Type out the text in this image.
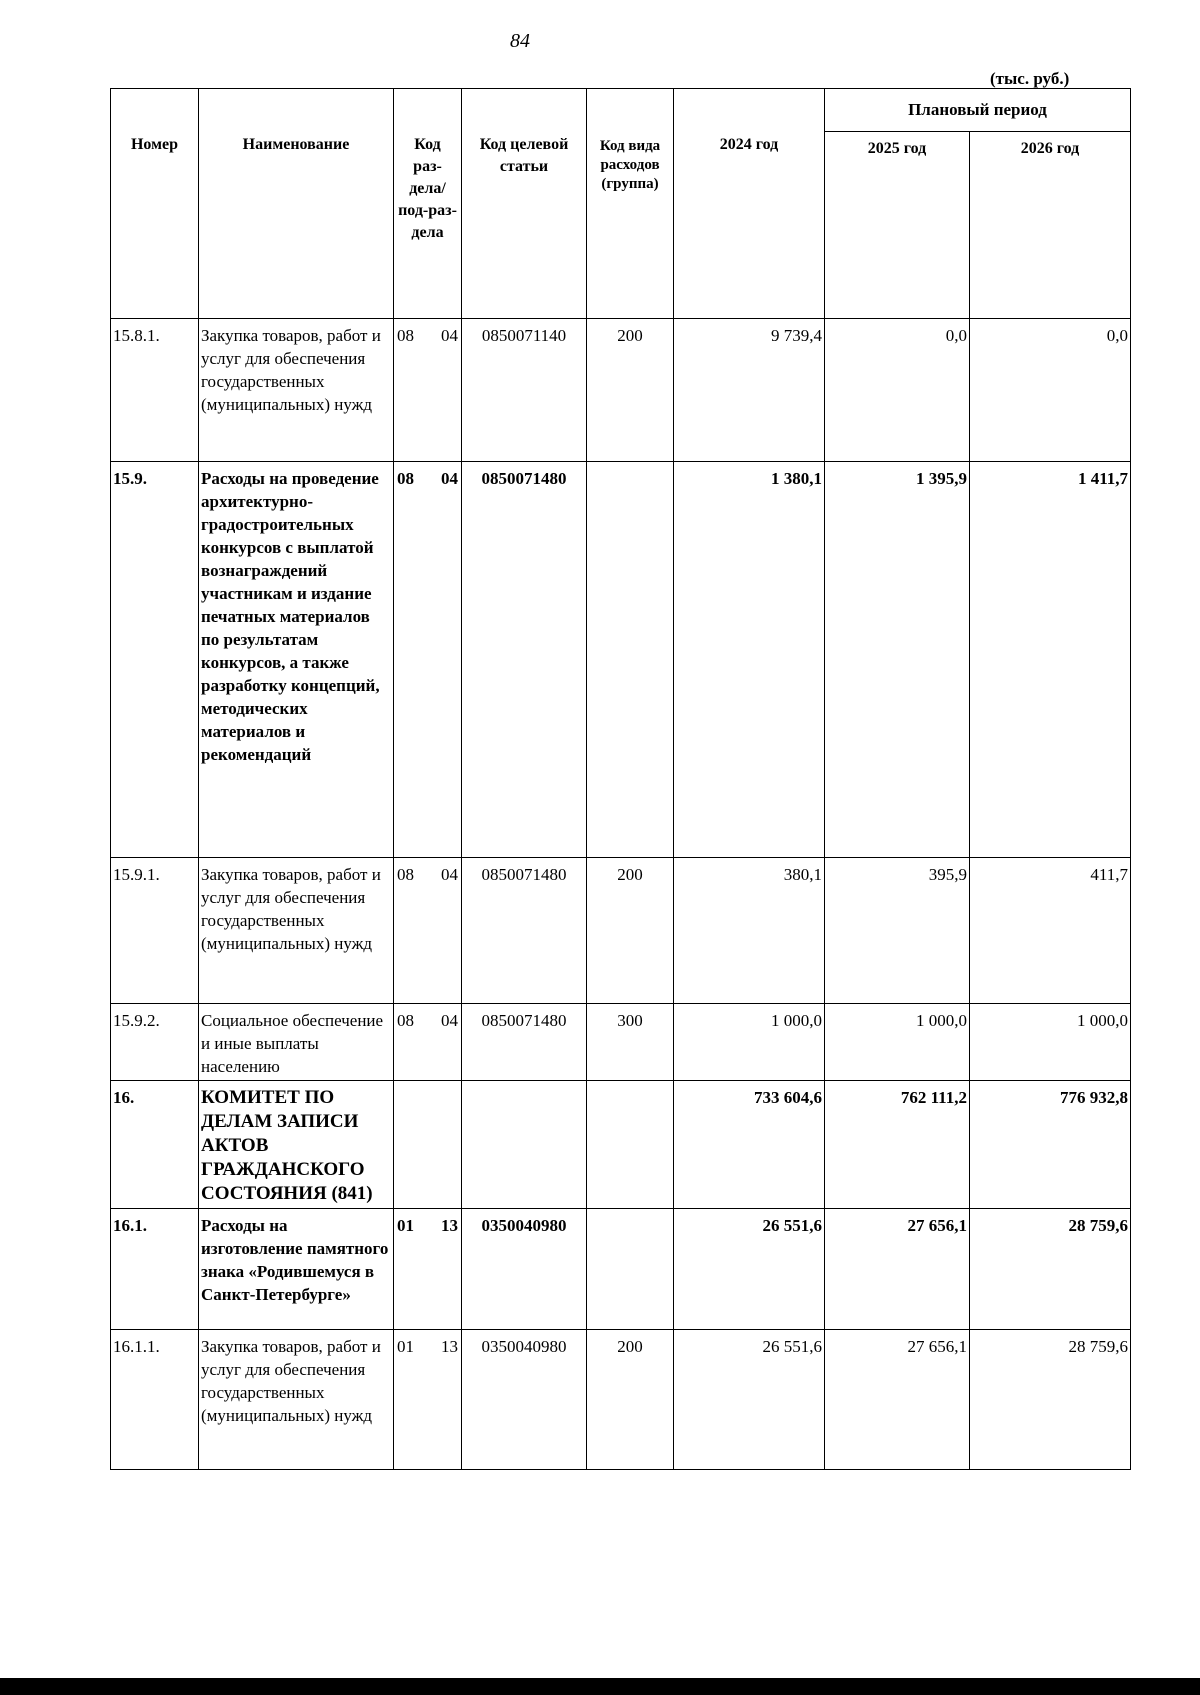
84
(тыс. руб.)
Номер	Наименование	Код раз-дела/ под-раз-дела	Код целевой статьи	Код вида расходов (группа)	2024 год	Плановый период	
						2025 год	2026 год
15.8.1.	Закупка товаров, работ и услуг для обеспечения государственных (муниципальных) нужд	08 04	0850071140	200	9 739,4	0,0	0,0
15.9.	Расходы на проведение архитектурно-градостроительных конкурсов с выплатой вознаграждений участникам и издание печатных материалов по результатам конкурсов, а также разработку концепций, методических материалов и рекомендаций	08 04	0850071480		1 380,1	1 395,9	1 411,7
15.9.1.	Закупка товаров, работ и услуг для обеспечения государственных (муниципальных) нужд	08 04	0850071480	200	380,1	395,9	411,7
15.9.2.	Социальное обеспечение и иные выплаты населению	08 04	0850071480	300	1 000,0	1 000,0	1 000,0
16.	КОМИТЕТ ПО ДЕЛАМ ЗАПИСИ АКТОВ ГРАЖДАНСКОГО СОСТОЯНИЯ (841)				733 604,6	762 111,2	776 932,8
16.1.	Расходы на изготовление памятного знака «Родившемуся в Санкт-Петербурге»	01 13	0350040980		26 551,6	27 656,1	28 759,6
16.1.1.	Закупка товаров, работ и услуг для обеспечения государственных (муниципальных) нужд	01 13	0350040980	200	26 551,6	27 656,1	28 759,6
